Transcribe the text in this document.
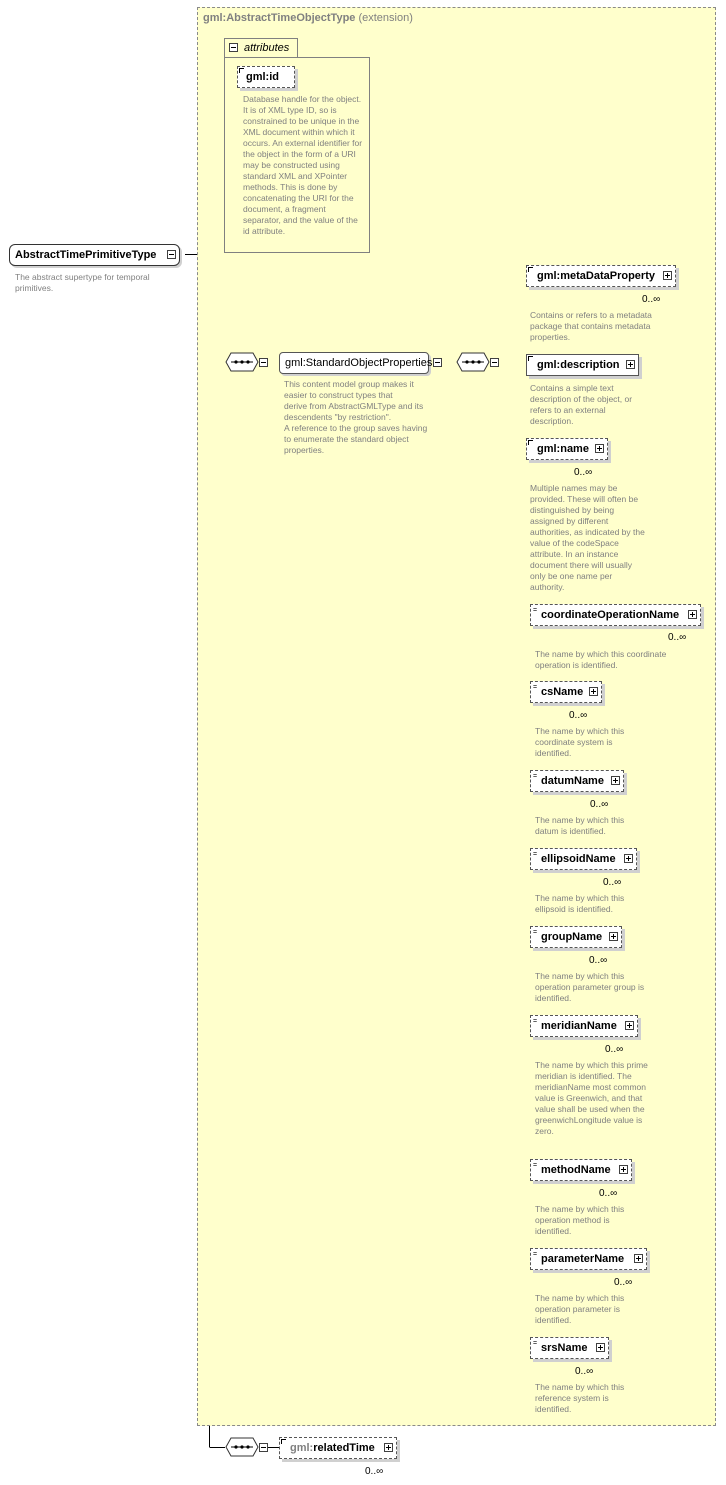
gml:AbstractTimeObjectType (extension)
attributes
gml:id
Database handle for the object. It is of XML type ID, so is constrained to be unique in the XML document within which it occurs. An external identifier for the object in the form of a URI may be constructed using standard XML and XPointer methods. This is done by concatenating the URI for the document, a fragment separator, and the value of the id attribute.
AbstractTimePrimitiveType
The abstract supertype for temporal primitives.
gml:StandardObjectProperties
This content model group makes it easier to construct types that
derive from AbstractGMLType and its descendents "by restriction".
A reference to the group saves having to enumerate the standard object properties.
gml:metaDataProperty
0..∞
Contains or refers to a metadata package that contains metadata properties.
gml:description
Contains a simple text description of the object, or refers to an external description.
gml:name
0..∞
Multiple names may be provided. These will often be distinguished by being assigned by different authorities, as indicated by the value of the codeSpace attribute. In an instance document there will usually only be one name per authority.
= coordinateOperationName
0..∞
The name by which this coordinate operation is identified.
= csName
0..∞
The name by which this coordinate system is identified.
= datumName
0..∞
The name by which this datum is identified.
= ellipsoidName
0..∞
The name by which this ellipsoid is identified.
= groupName
0..∞
The name by which this operation parameter group is identified.
= meridianName
0..∞
The name by which this prime meridian is identified. The meridianName most common value is Greenwich, and that value shall be used when the greenwichLongitude value is zero.
= methodName
0..∞
The name by which this operation method is identified.
= parameterName
0..∞
The name by which this operation parameter is identified.
= srsName
0..∞
The name by which this reference system is identified.
gml:relatedTime
0..∞
